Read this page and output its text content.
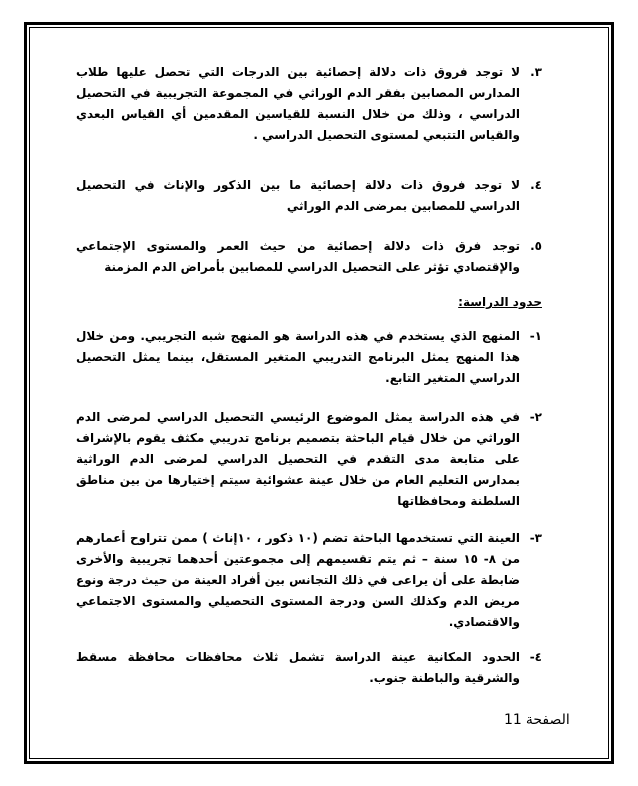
٣.
لا توجد فروق ذات دلالة إحصائية بين الدرجات التي تحصل عليها طلاب المدارس المصابين بفقر الدم الوراثي في المجموعة التجريبية في التحصيل الدراسي ، وذلك من خلال النسبة للقياسين المقدمين أي القياس البعدي والقياس التتبعي لمستوى التحصيل الدراسي .
٤.
لا توجد فروق ذات دلالة إحصائية ما بين الذكور والإناث في التحصيل الدراسي للمصابين بمرضى الدم الوراثي
٥.
توجد فرق ذات دلالة إحصائية من حيث العمر والمستوى الإجتماعي والإقتصادي تؤثر على التحصيل الدراسي للمصابين بأمراض الدم المزمنة
حدود الدراسة:
١-
المنهج الذي يستخدم في هذه الدراسة هو المنهج شبه التجريبي. ومن خلال هذا المنهج يمثل البرنامج التدريبي المتغير المستقل، بينما يمثل التحصيل الدراسي المتغير التابع.
٢-
في هذه الدراسة يمثل الموضوع الرئيسي التحصيل الدراسي لمرضى الدم الوراثي من خلال قيام الباحثة بتصميم برنامج تدريبي مكثف يقوم بالإشراف على متابعة مدى التقدم في التحصيل الدراسي لمرضى الدم الوراثية بمدارس التعليم العام من خلال عينة عشوائية سيتم إختيارها من بين مناطق السلطنة ومحافظاتها
٣-
العينة التي تستخدمها الباحثة تضم (١٠ ذكور ، ١٠إناث ) ممن تتراوح أعمارهم من ٨- ١٥ سنة – ثم يتم تقسيمهم إلى مجموعتين أحدهما تجريبية والأخرى ضابطة على أن يراعى في ذلك التجانس بين أفراد العينة من حيث درجة ونوع مريض الدم وكذلك السن ودرجة المستوى التحصيلي والمستوى الاجتماعي والاقتصادي.
٤-
الحدود المكانية عينة الدراسة تشمل ثلاث محافظات محافظة مسقط والشرقية والباطنة جنوب.
الصفحة11
